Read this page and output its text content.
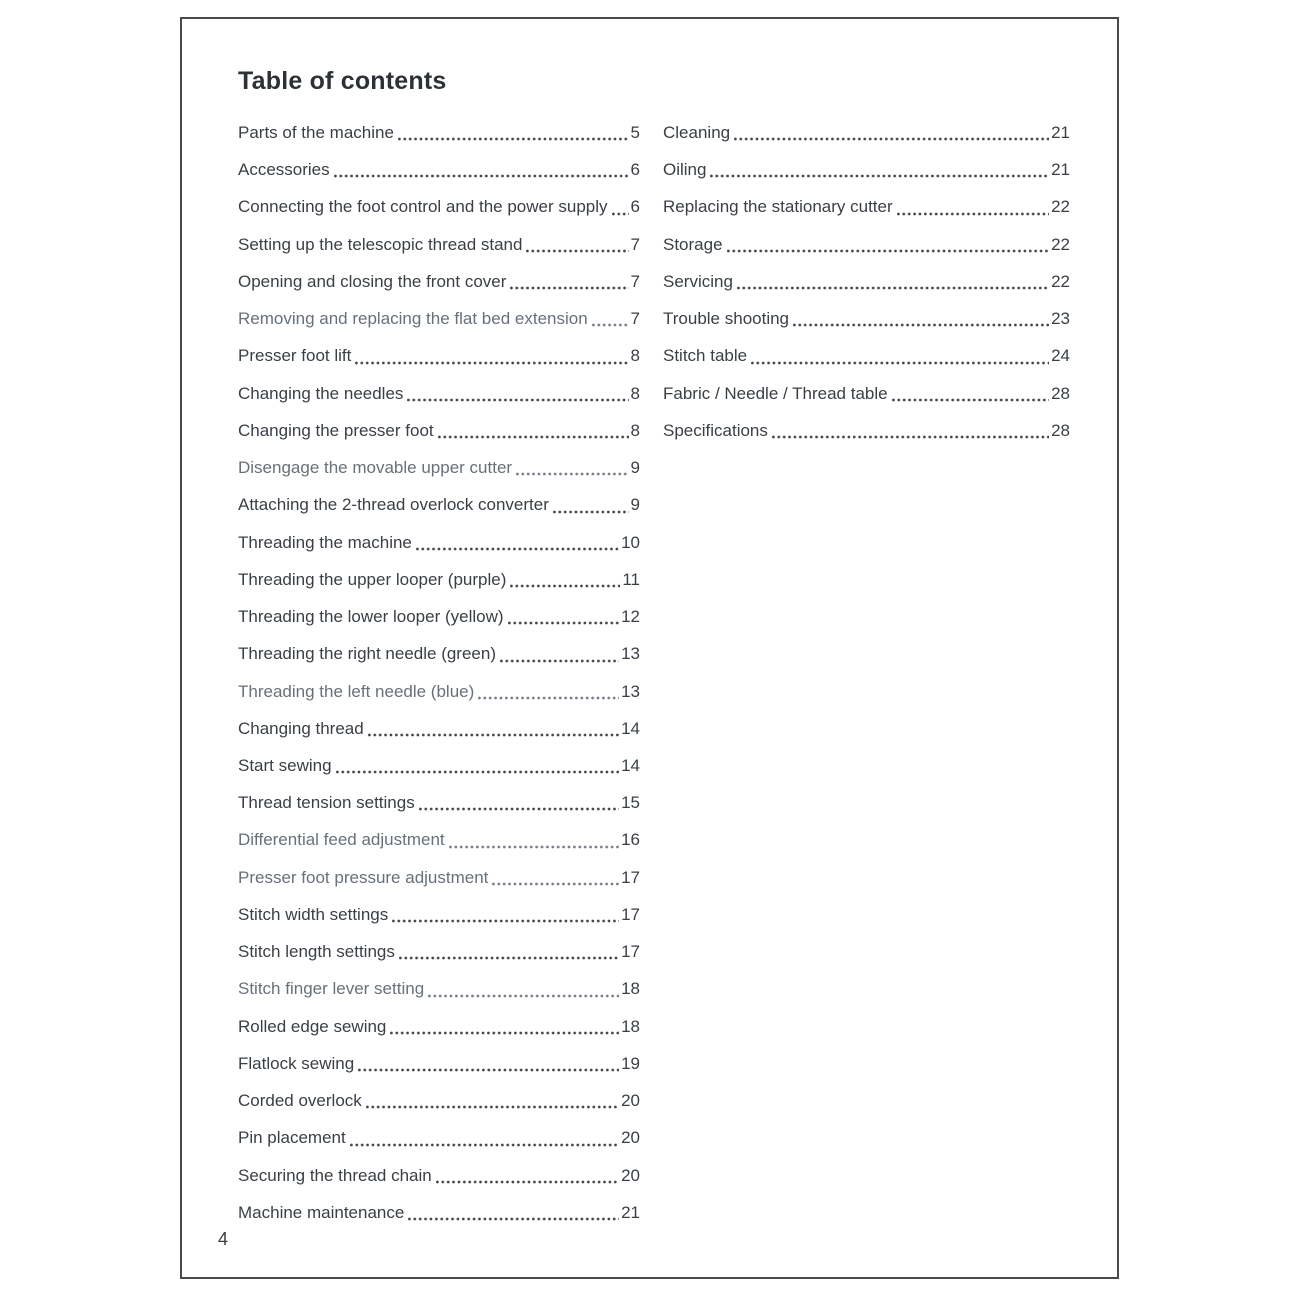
Table of contents
Parts of the machine	5
Accessories	6
Connecting the foot control and the power supply 6
Setting up the telescopic thread stand	7
Opening and closing the front cover	7
Removing and replacing the flat bed extension	7
Presser foot lift	8
Changing the needles	8
Changing the presser foot	8
Disengage the movable upper cutter	9
Attaching the 2-thread overlock converter	9
Threading the machine	10
Threading the upper looper (purple)	11
Threading the lower looper (yellow)	12
Threading the right needle (green)	13
Threading the left needle (blue)	13
Changing thread	14
Start sewing	14
Thread tension settings	15
Differential feed adjustment	16
Presser foot pressure adjustment	17
Stitch width settings	17
Stitch length settings	17
Stitch finger lever setting	18
Rolled edge sewing	18
Flatlock sewing	19
Corded overlock	20
Pin placement	20
Securing the thread chain	20
Machine maintenance	21
Cleaning	21
Oiling	21
Replacing the stationary cutter	22
Storage	22
Servicing	22
Trouble shooting	23
Stitch table	24
Fabric / Needle / Thread table	28
Specifications	28
4
